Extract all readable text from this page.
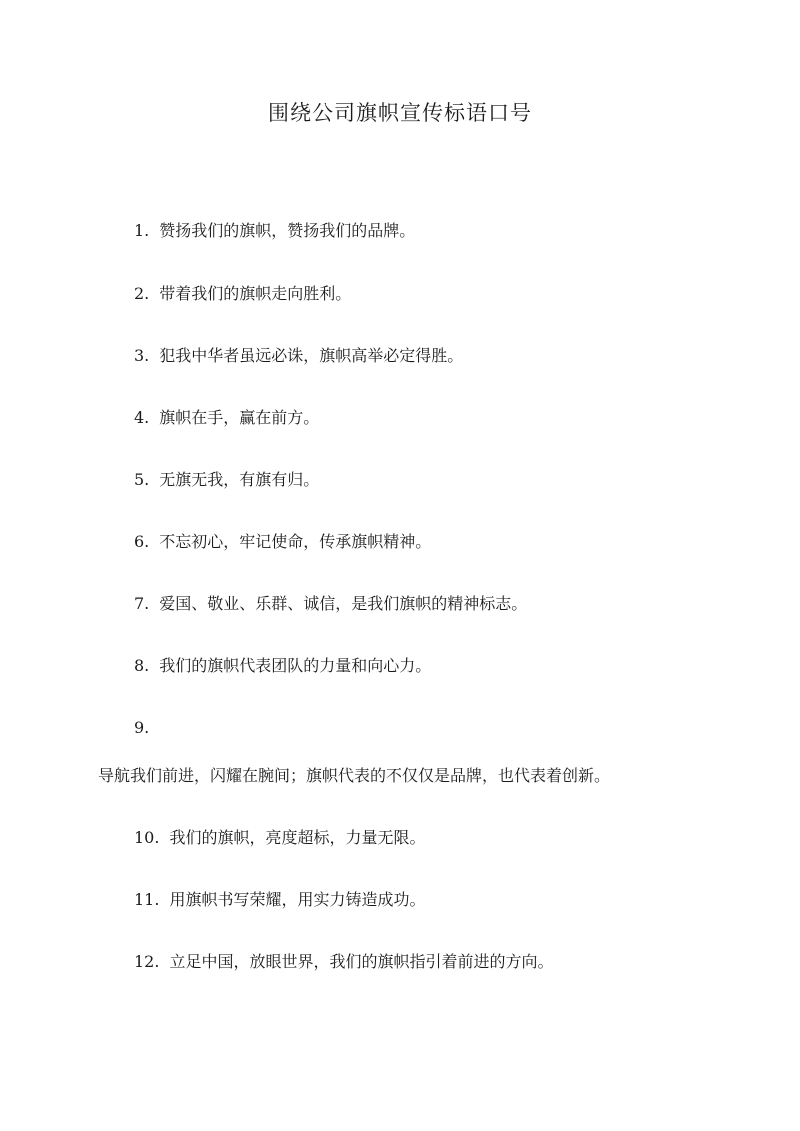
围绕公司旗帜宣传标语口号
1. 赞扬我们的旗帜，赞扬我们的品牌。
2. 带着我们的旗帜走向胜利。
3. 犯我中华者虽远必诛，旗帜高举必定得胜。
4. 旗帜在手，赢在前方。
5. 无旗无我，有旗有归。
6. 不忘初心，牢记使命，传承旗帜精神。
7. 爱国、敬业、乐群、诚信，是我们旗帜的精神标志。
8. 我们的旗帜代表团队的力量和向心力。
9.
导航我们前进，闪耀在腕间；旗帜代表的不仅仅是品牌，也代表着创新。
10. 我们的旗帜，亮度超标，力量无限。
11. 用旗帜书写荣耀，用实力铸造成功。
12. 立足中国，放眼世界，我们的旗帜指引着前进的方向。
